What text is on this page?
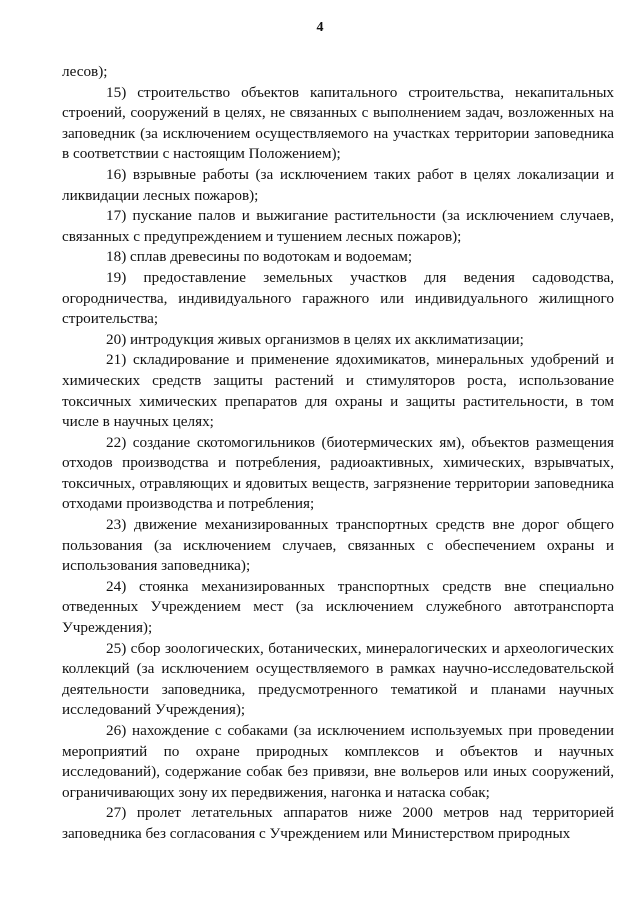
4

лесов);

15) строительство объектов капитального строительства, некапитальных строений, сооружений в целях, не связанных с выполнением задач, возложенных на заповедник (за исключением осуществляемого на участках территории заповедника в соответствии с настоящим Положением);

16) взрывные работы (за исключением таких работ в целях локализации и ликвидации лесных пожаров);

17) пускание палов и выжигание растительности (за исключением случаев, связанных с предупреждением и тушением лесных пожаров);

18) сплав древесины по водотокам и водоемам;

19) предоставление земельных участков для ведения садоводства, огородничества, индивидуального гаражного или индивидуального жилищного строительства;

20) интродукция живых организмов в целях их акклиматизации;

21) складирование и применение ядохимикатов, минеральных удобрений и химических средств защиты растений и стимуляторов роста, использование токсичных химических препаратов для охраны и защиты растительности, в том числе в научных целях;

22) создание скотомогильников (биотермических ям), объектов размещения отходов производства и потребления, радиоактивных, химических, взрывчатых, токсичных, отравляющих и ядовитых веществ, загрязнение территории заповедника отходами производства и потребления;

23) движение механизированных транспортных средств вне дорог общего пользования (за исключением случаев, связанных с обеспечением охраны и использования заповедника);

24) стоянка механизированных транспортных средств вне специально отведенных Учреждением мест (за исключением служебного автотранспорта Учреждения);

25) сбор зоологических, ботанических, минералогических и археологических коллекций (за исключением осуществляемого в рамках научно-исследовательской деятельности заповедника, предусмотренного тематикой и планами научных исследований Учреждения);

26) нахождение с собаками (за исключением используемых при проведении мероприятий по охране природных комплексов и объектов и научных исследований), содержание собак без привязи, вне вольеров или иных сооружений, ограничивающих зону их передвижения, нагонка и натаска собак;

27) пролет летательных аппаратов ниже 2000 метров над территорией заповедника без согласования с Учреждением или Министерством природных
